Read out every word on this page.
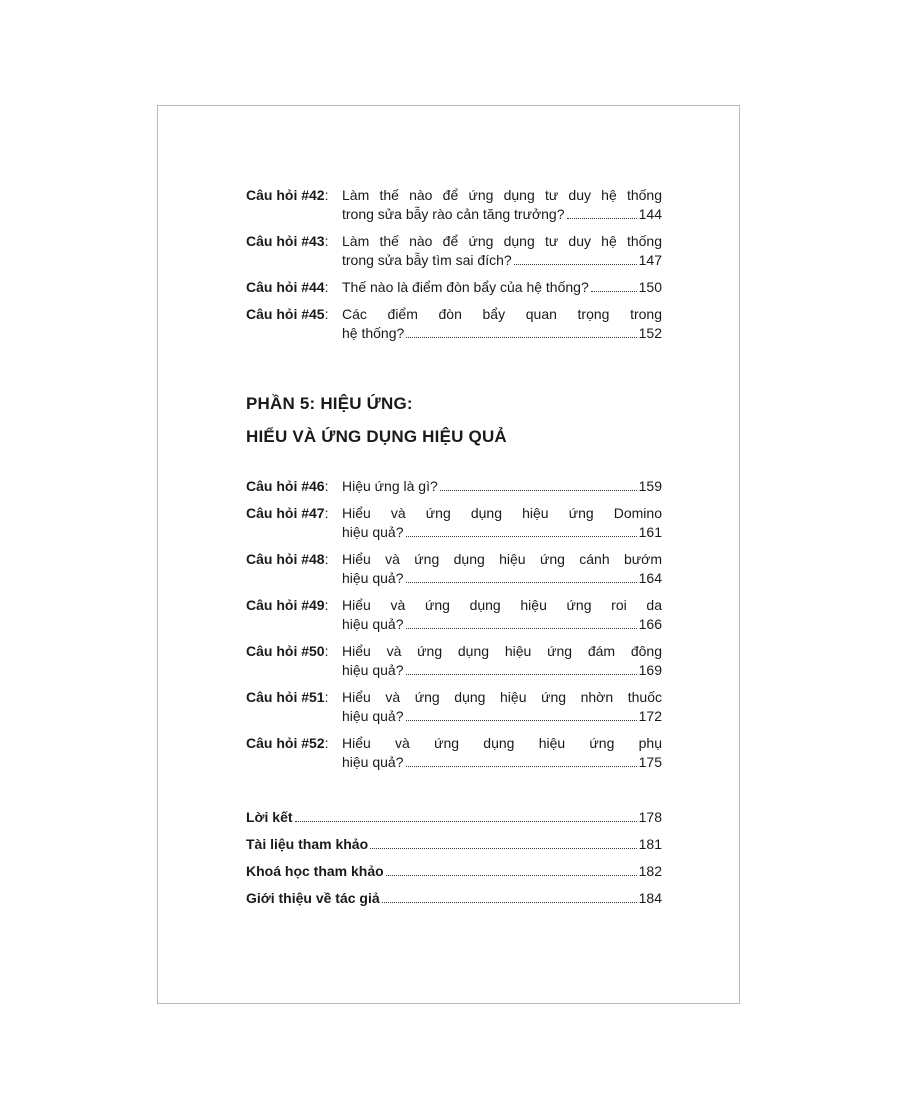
Câu hỏi #42: Làm thế nào để ứng dụng tư duy hệ thống
trong sửa bẫy rào cản tăng trưởng?	144
Câu hỏi #43: Làm thế nào để ứng dụng tư duy hệ thống
trong sửa bẫy tìm sai đích?	147
Câu hỏi #44: Thế nào là điểm đòn bẩy của hệ thống?	150
Câu hỏi #45: Các điểm đòn bẩy quan trọng trong
hệ thống?	152
PHẦN 5: HIỆU ỨNG:
HIỂU VÀ ỨNG DỤNG HIỆU QUẢ
Câu hỏi #46: Hiệu ứng là gì?	159
Câu hỏi #47: Hiểu và ứng dụng hiệu ứng Domino
hiệu quả?	161
Câu hỏi #48: Hiểu và ứng dụng hiệu ứng cánh bướm
hiệu quả?	164
Câu hỏi #49: Hiểu và ứng dụng hiệu ứng roi da
hiệu quả?	166
Câu hỏi #50: Hiểu và ứng dụng hiệu ứng đám đông
hiệu quả?	169
Câu hỏi #51: Hiểu và ứng dụng hiệu ứng nhờn thuốc
hiệu quả?	172
Câu hỏi #52: Hiểu và ứng dụng hiệu ứng phụ
hiệu quả?	175
Lời kết	178
Tài liệu tham khảo	181
Khoá học tham khảo	182
Giới thiệu về tác giả	184
